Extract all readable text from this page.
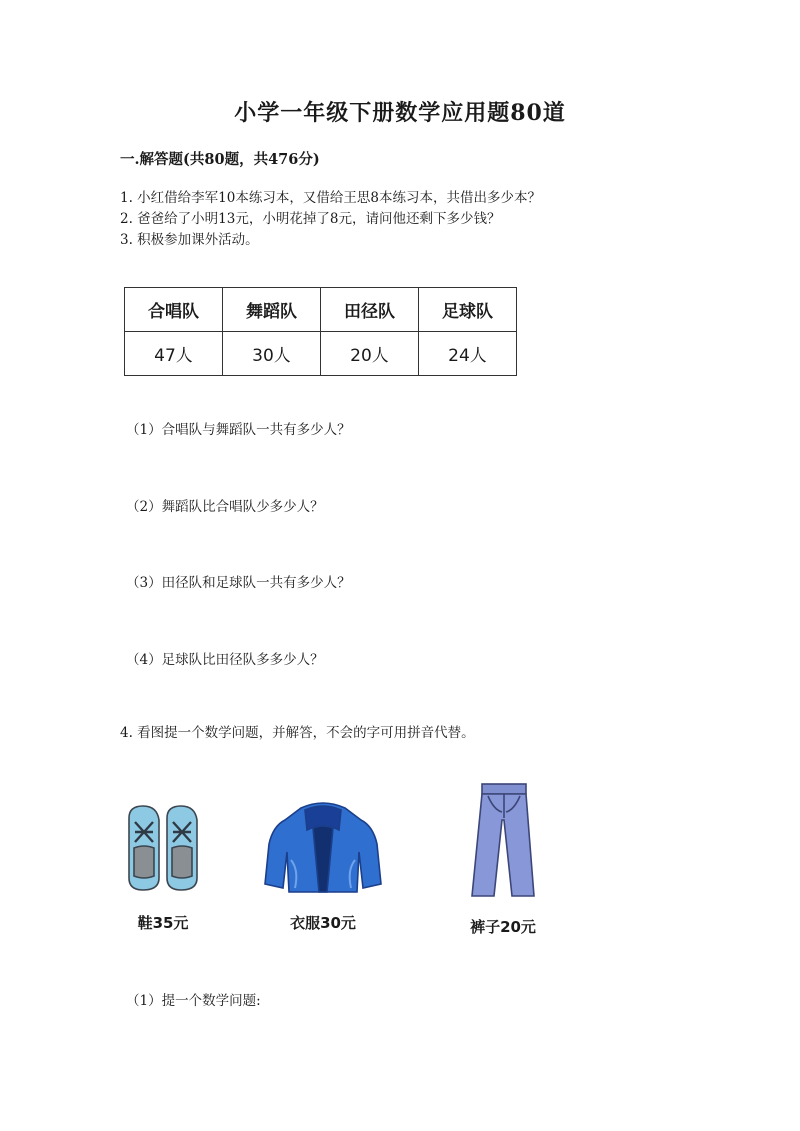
小学一年级下册数学应用题80道
一.解答题(共80题，共476分)
1. 小红借给李军10本练习本，又借给王思8本练习本，共借出多少本？
2. 爸爸给了小明13元，小明花掉了8元，请问他还剩下多少钱？
3. 积极参加课外活动。
合唱队	舞蹈队	田径队	足球队
47人	30人	20人	24人
（1）合唱队与舞蹈队一共有多少人？
（2）舞蹈队比合唱队少多少人？
（3）田径队和足球队一共有多少人？
（4）足球队比田径队多多少人？
4. 看图提一个数学问题，并解答，不会的字可用拼音代替。
鞋35元	衣服30元	裤子20元
（1）提一个数学问题:
